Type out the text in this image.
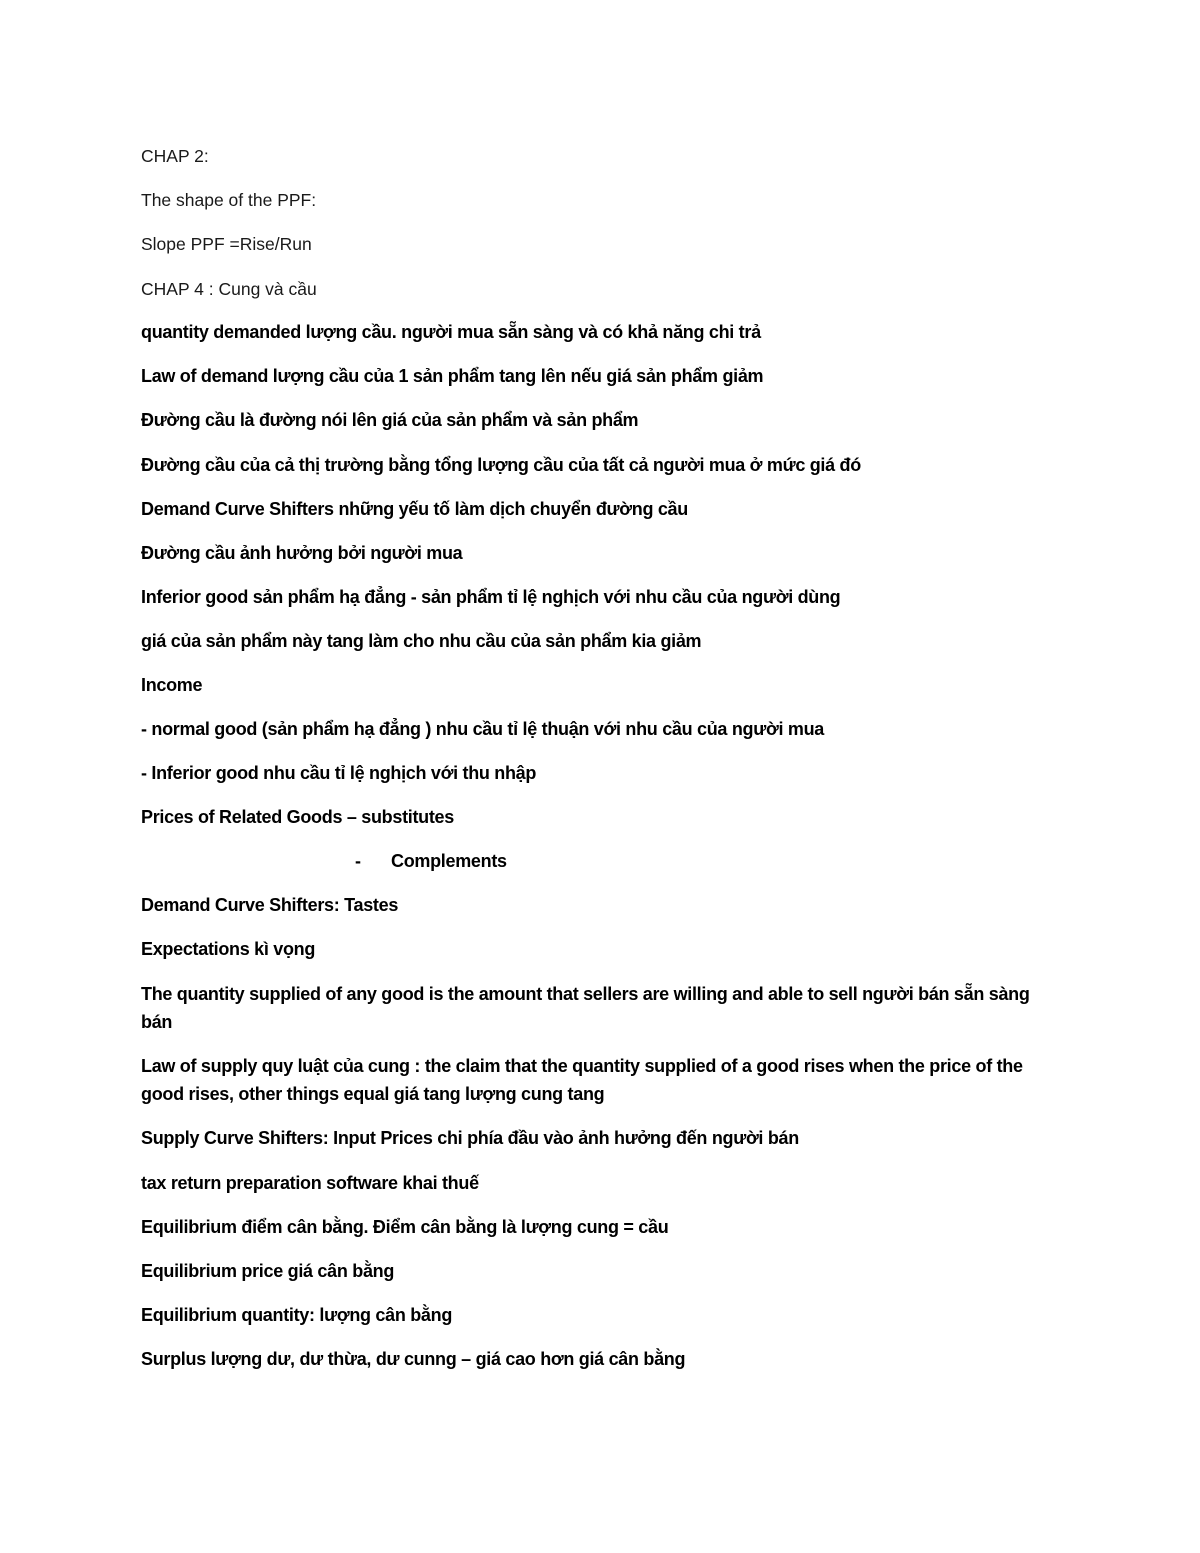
CHAP 2:
The shape of the PPF:
Slope PPF =Rise/Run
CHAP 4 : Cung và cầu
quantity demanded lượng cầu. người mua sẵn sàng và có khả năng chi trả
Law of demand lượng cầu của 1 sản phẩm tang lên nếu giá sản phẩm giảm
Đường cầu là đường nói lên giá của sản phẩm và sản phẩm
Đường cầu của cả thị trường bằng tổng lượng cầu của tất cả người mua ở mức giá đó
Demand Curve Shifters những yếu tố làm dịch chuyển đường cầu
Đường cầu ảnh hưởng bởi người mua
Inferior good sản phẩm hạ đẳng - sản phẩm tỉ lệ nghịch với nhu cầu của người dùng
giá của sản phẩm này tang làm cho nhu cầu của sản phẩm kia giảm
Income
- normal good (sản phẩm hạ đẳng ) nhu cầu tỉ lệ thuận với nhu cầu của người mua
- Inferior good nhu cầu tỉ lệ nghịch với thu nhập
Prices of Related Goods – substitutes
- Complements
Demand Curve Shifters: Tastes
Expectations kì vọng
The quantity supplied of any good is the amount that sellers are willing and able to sell người bán sẵn sàng bán
Law of supply quy luật của cung : the claim that the quantity supplied of a good rises when the price of the good rises, other things equal giá tang lượng cung tang
Supply Curve Shifters: Input Prices chi phía đầu vào ảnh hưởng đến người bán
tax return preparation software khai thuế
Equilibrium điểm cân bằng. Điểm cân bằng là lượng cung = cầu
Equilibrium price giá cân bằng
Equilibrium quantity: lượng cân bằng
Surplus lượng dư, dư thừa, dư cunng – giá cao hơn giá cân bằng
